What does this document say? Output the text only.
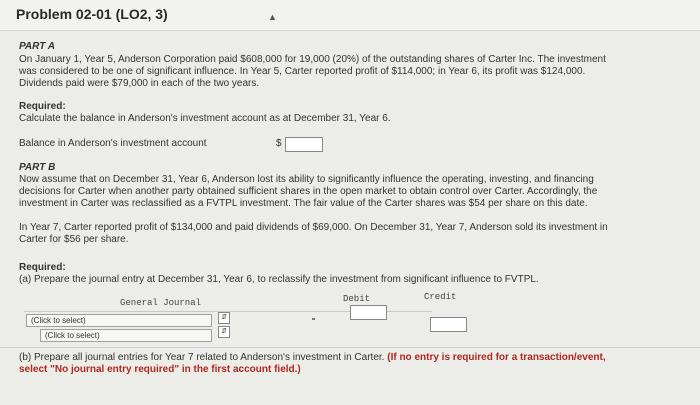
Problem 02-01 (LO2, 3)	▲
PART A
On January 1, Year 5, Anderson Corporation paid $608,000 for 19,000 (20%) of the outstanding shares of Carter Inc. The investment
was considered to be one of significant influence. In Year 5, Carter reported profit of $114,000; in Year 6, its profit was $124,000.
Dividends paid were $79,000 in each of the two years.
Required:
Calculate the balance in Anderson's investment account as at December 31, Year 6.
Balance in Anderson's investment account	$
PART B
Now assume that on December 31, Year 6, Anderson lost its ability to significantly influence the operating, investing, and financing
decisions for Carter when another party obtained sufficient shares in the open market to obtain control over Carter. Accordingly, the
investment in Carter was reclassified as a FVTPL investment. The fair value of the Carter shares was $54 per share on this date.
In Year 7, Carter reported profit of $134,000 and paid dividends of $69,000. On December 31, Year 7, Anderson sold its investment in
Carter for $56 per share.
Required:
(a) Prepare the journal entry at December 31, Year 6, to reclassify the investment from significant influence to FVTPL.
General Journal	Debit	Credit
(Click to select)	⇵
(Click to select)	⇵
(b) Prepare all journal entries for Year 7 related to Anderson's investment in Carter. (If no entry is required for a transaction/event,
select "No journal entry required" in the first account field.)
